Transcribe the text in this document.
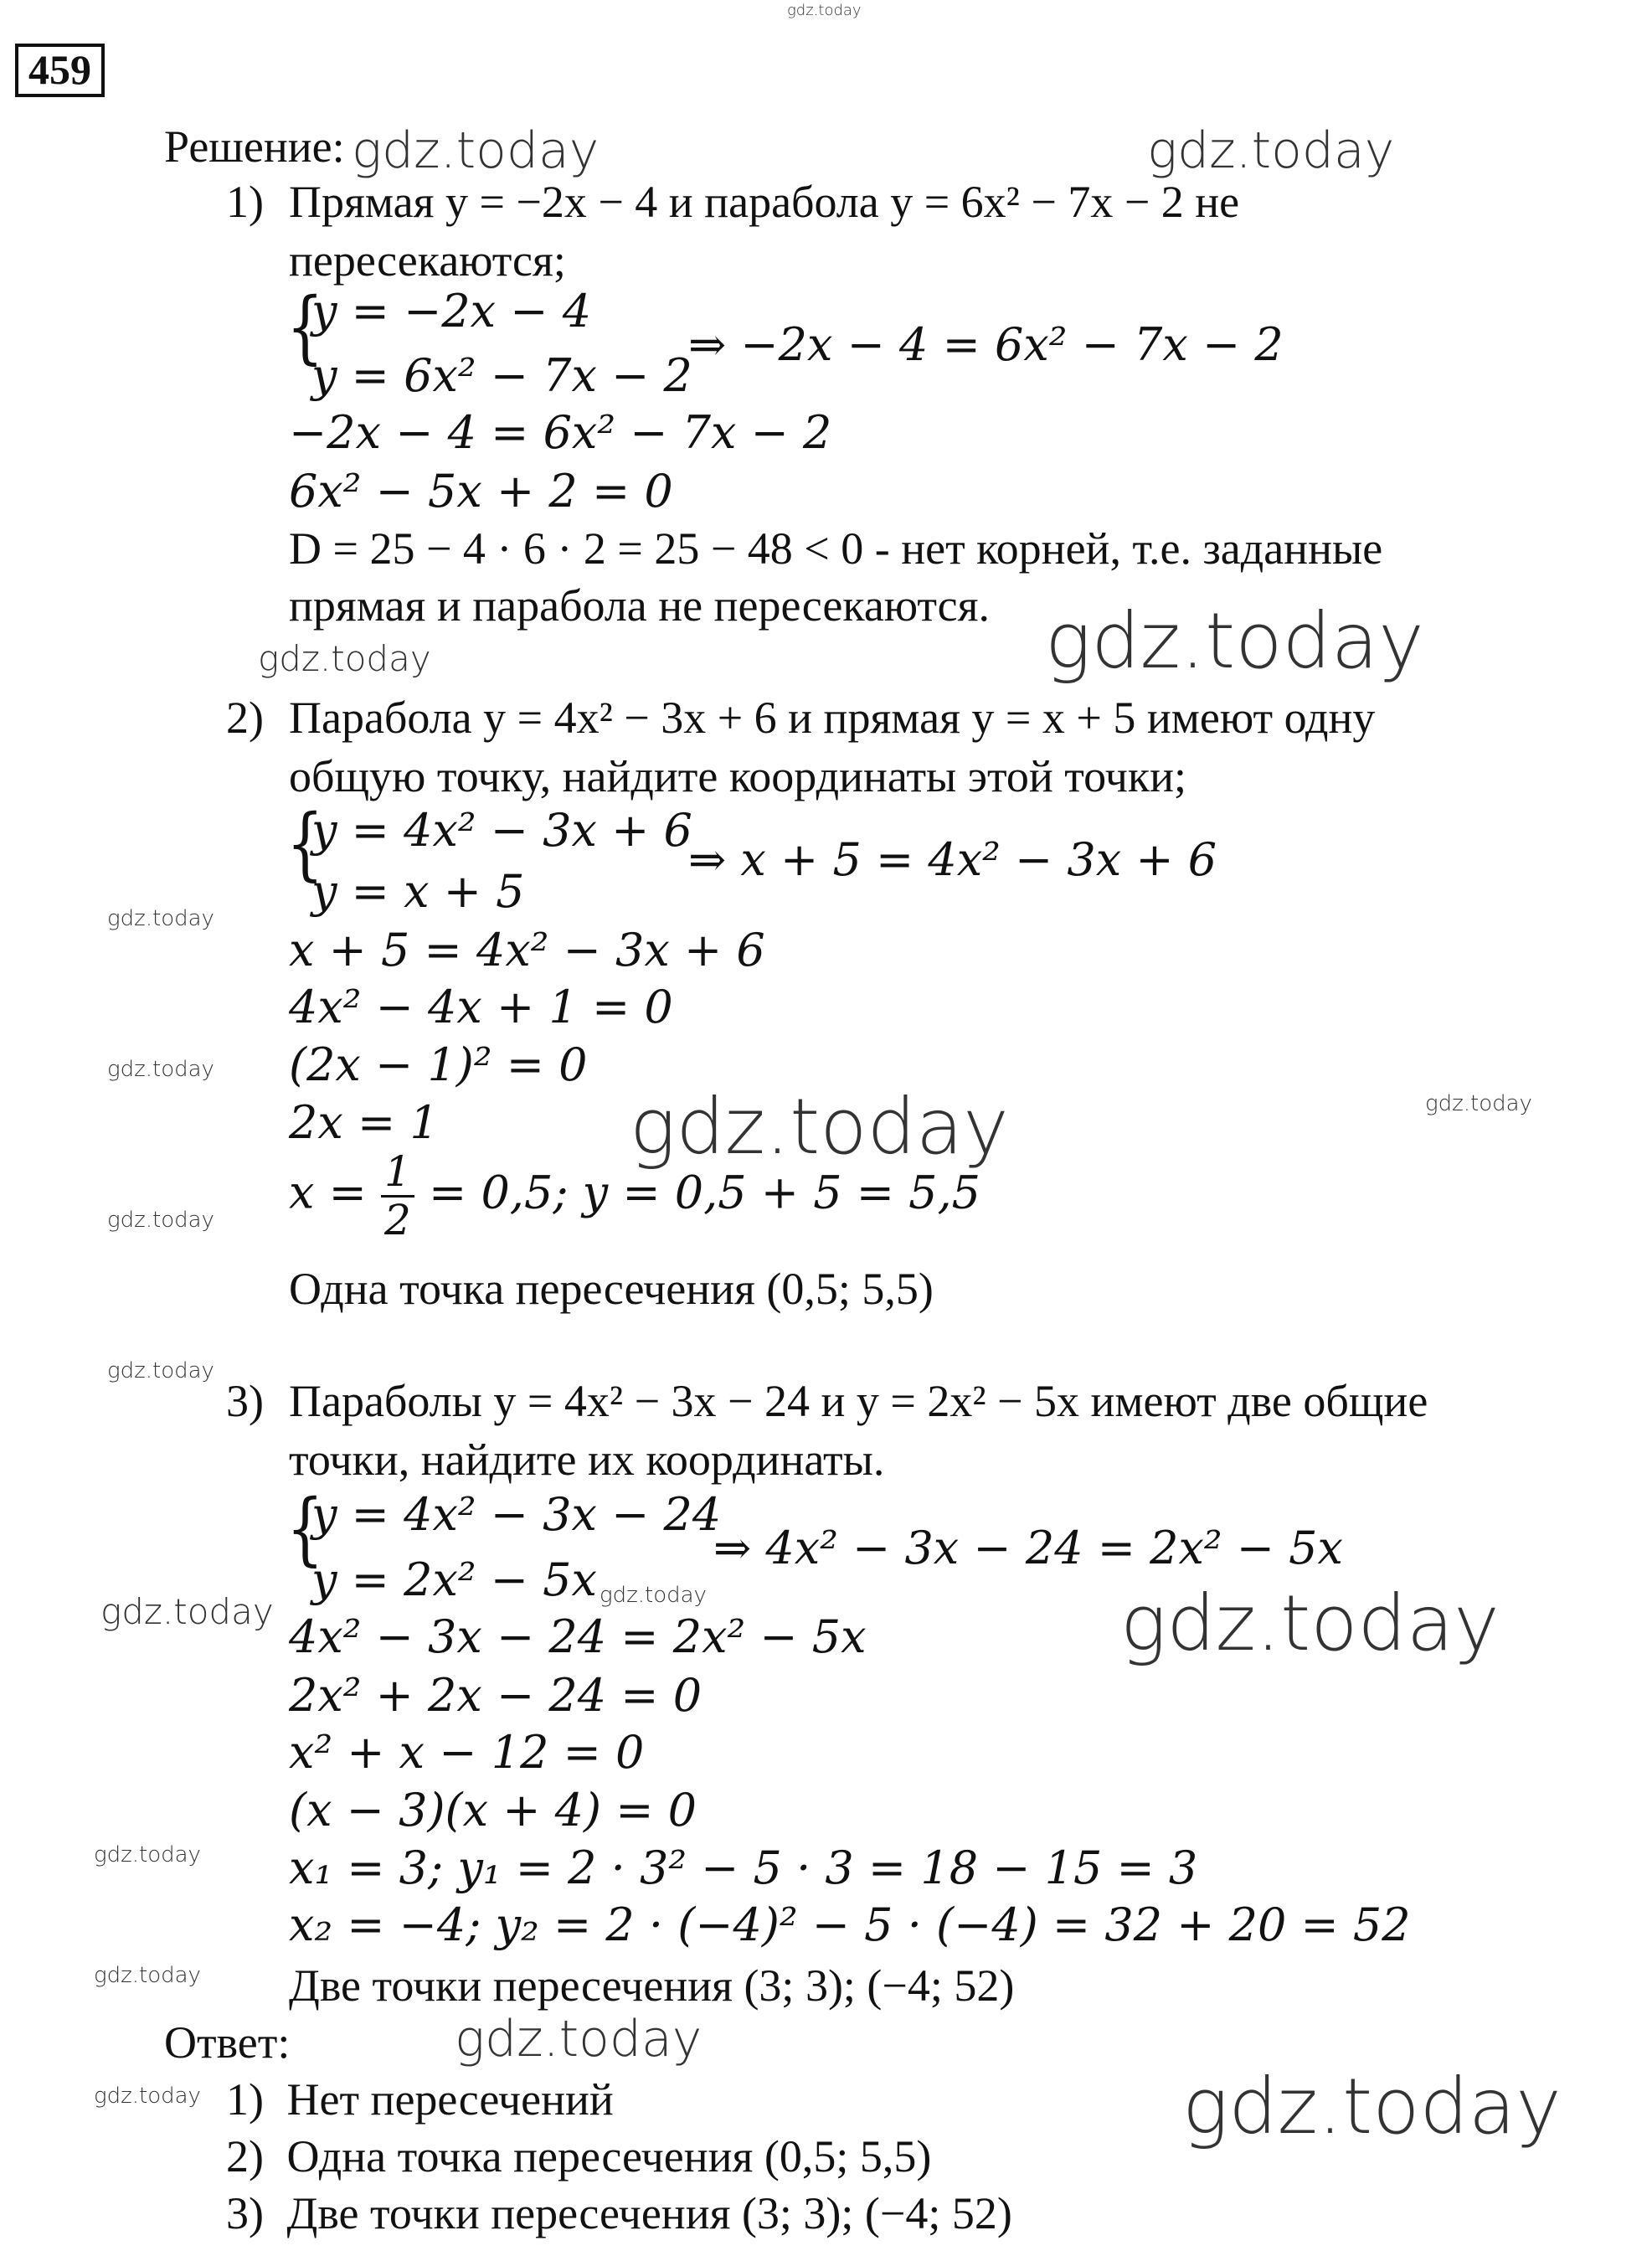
gdz.today
459
Решение: gdz.today	gdz.today
1) Прямая y = −2x − 4 и парабола y = 6x² − 7x − 2 не
пересекаются;
{
y = −2x − 4
y = 6x² − 7x − 2
⇒ −2x − 4 = 6x² − 7x − 2
−2x − 4 = 6x² − 7x − 2
6x² − 5x + 2 = 0
D = 25 − 4 · 6 · 2 = 25 − 48 < 0 - нет корней, т.е. заданные
прямая и парабола не пересекаются. gdz.today
gdz.today
2) Парабола y = 4x² − 3x + 6 и прямая y = x + 5 имеют одну
общую точку, найдите координаты этой точки;
{
y = 4x² − 3x + 6
y = x + 5
⇒ x + 5 = 4x² − 3x + 6
gdz.today
x + 5 = 4x² − 3x + 6
4x² − 4x + 1 = 0
(2x − 1)² = 0
gdz.today
gdz.today
2x = 1 gdz.today
$x = \frac{1}{2} = 0,5$; y = 0,5 + 5 = 5,5
gdz.today
Одна точка пересечения (0,5; 5,5)
gdz.today
3) Параболы y = 4x² − 3x − 24 и y = 2x² − 5x имеют две общие
точки, найдите их координаты.
{
y = 4x² − 3x − 24
y = 2x² − 5x
⇒ 4x² − 3x − 24 = 2x² − 5x
gdz.today
gdz.today	gdz.today
4x² − 3x − 24 = 2x² − 5x
2x² + 2x − 24 = 0
x² + x − 12 = 0
(x − 3)(x + 4) = 0
gdz.today x₁ = 3; y₁ = 2 · 3² − 5 · 3 = 18 − 15 = 3
x₂ = −4; y₂ = 2 · (−4)² − 5 · (−4) = 32 + 20 = 52
gdz.today Две точки пересечения (3; 3); (−4; 52)
Ответ:	gdz.today
gdz.today	gdz.today
1) Нет пересечений
2) Одна точка пересечения (0,5; 5,5)
3) Две точки пересечения (3; 3); (−4; 52)
